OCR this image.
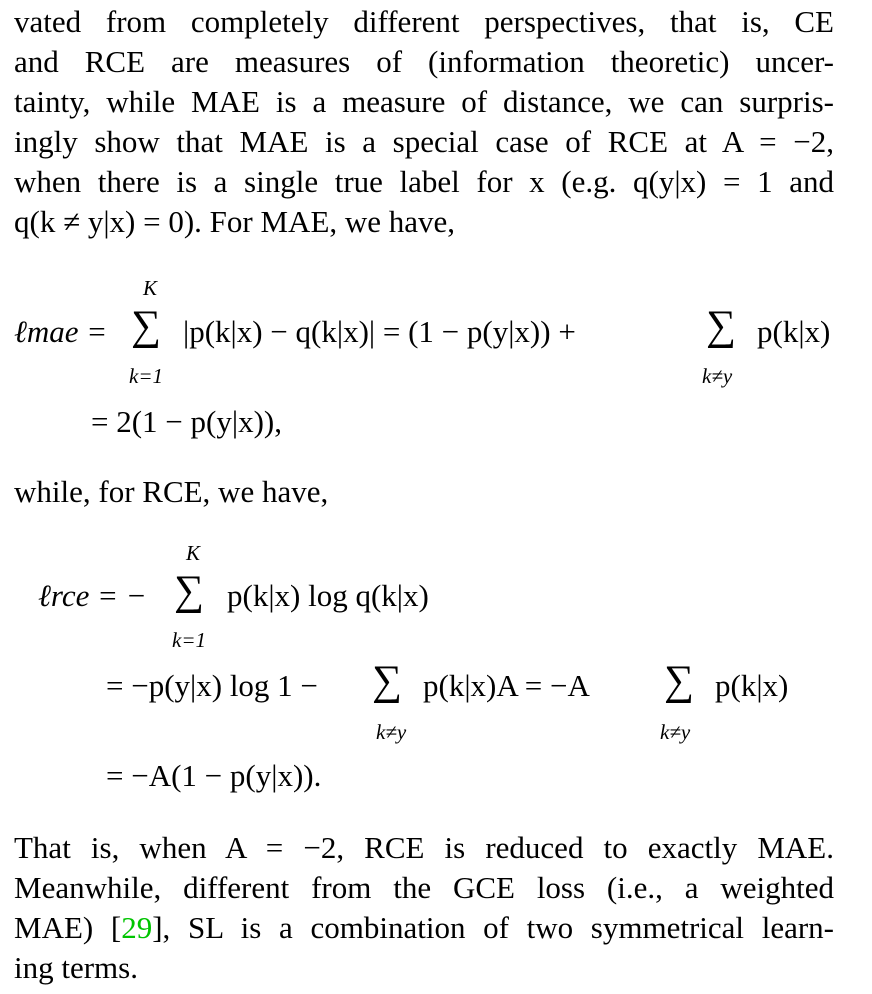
vated from completely different perspectives, that is, CE
and RCE are measures of (information theoretic) uncer-
tainty, while MAE is a measure of distance, we can surpris-
ingly show that MAE is a special case of RCE at A = −2,
when there is a single true label for x (e.g. q(y|x) = 1 and
q(k ≠ y|x) = 0). For MAE, we have,
ℓmae =
K
∑
k=1
|p(k|x) − q(k|x)| = (1 − p(y|x)) +	∑
k≠y
p(k|x)
= 2(1 − p(y|x)),
while, for RCE, we have,
ℓrce = −
K
∑
k=1
p(k|x) log q(k|x)
= −p(y|x) log 1 − ∑
k≠y
p(k|x)A = −A ∑
k≠y
p(k|x)
= −A(1 − p(y|x)).
That is, when A = −2, RCE is reduced to exactly MAE.
Meanwhile, different from the GCE loss (i.e., a weighted
MAE) [29], SL is a combination of two symmetrical learn-
ing terms.
